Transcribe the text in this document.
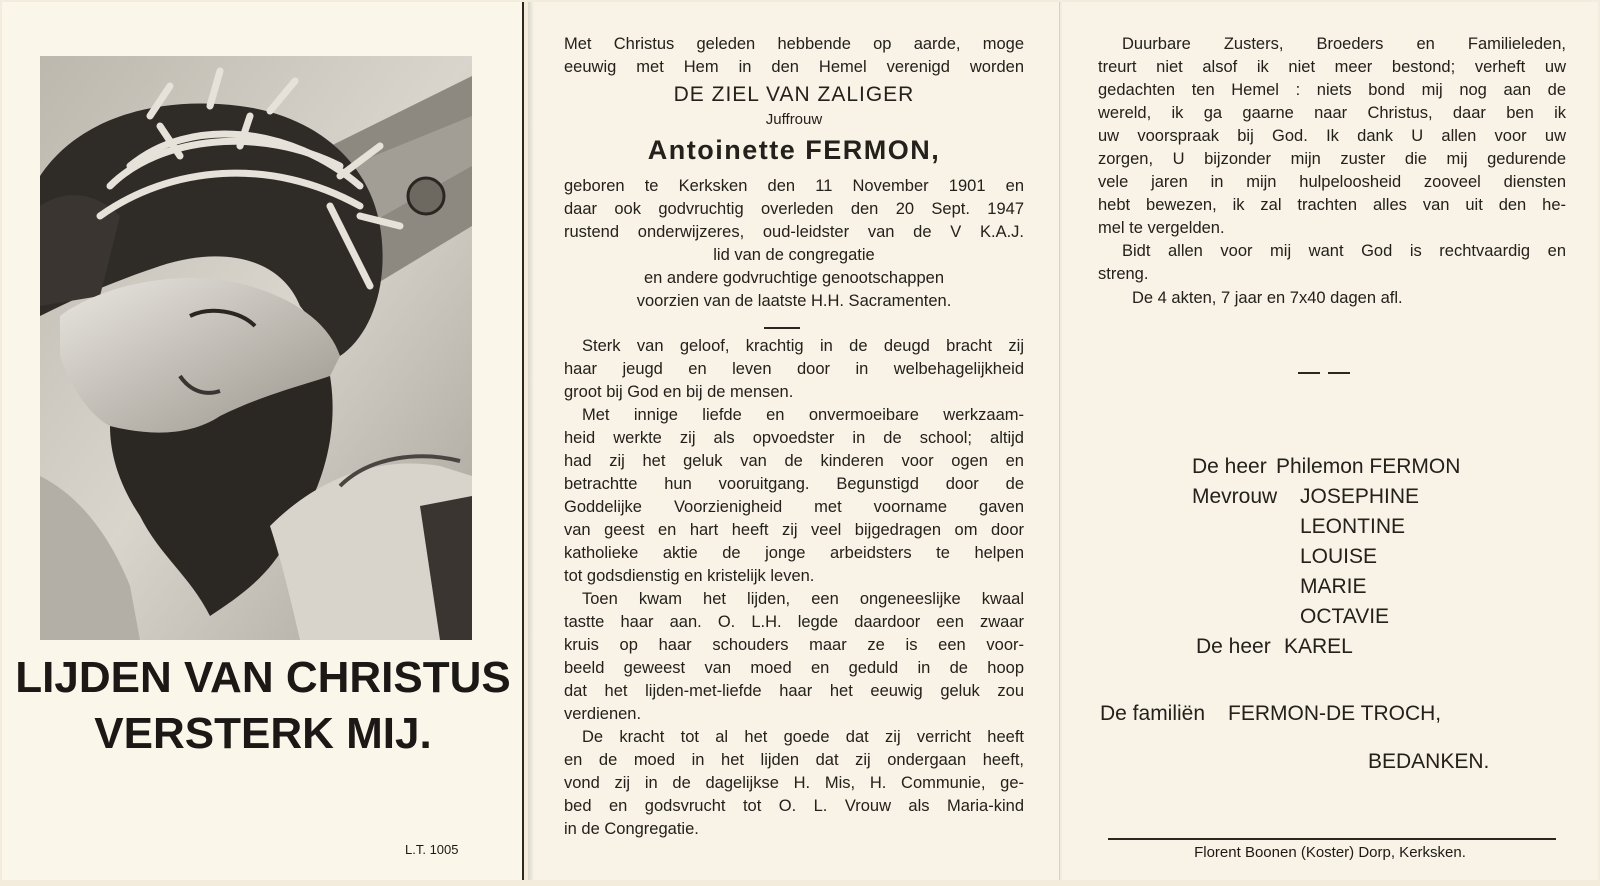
LIJDEN VAN CHRISTUS
VERSTERK MIJ.
L.T. 1005
Met Christus geleden hebbende op aarde, moge
eeuwig met Hem in den Hemel verenigd worden
DE ZIEL VAN ZALIGER
Juffrouw
Antoinette FERMON,
geboren te Kerksken den 11 November 1901 en
daar ook godvruchtig overleden den 20 Sept. 1947
rustend onderwijzeres, oud-leidster van de V K.A.J.
lid van de congregatie
en andere godvruchtige genootschappen
voorzien van de laatste H.H. Sacramenten.
Sterk van geloof, krachtig in de deugd bracht zij
haar jeugd en leven door in welbehagelijkheid
groot bij God en bij de mensen.
Met innige liefde en onvermoeibare werkzaam-
heid werkte zij als opvoedster in de school; altijd
had zij het geluk van de kinderen voor ogen en
betrachtte hun vooruitgang. Begunstigd door de
Goddelijke Voorzienigheid met voorname gaven
van geest en hart heeft zij veel bijgedragen om door
katholieke aktie de jonge arbeidsters te helpen
tot godsdienstig en kristelijk leven.
Toen kwam het lijden, een ongeneeslijke kwaal
tastte haar aan. O. L.H. legde daardoor een zwaar
kruis op haar schouders maar ze is een voor-
beeld geweest van moed en geduld in de hoop
dat het lijden-met-liefde haar het eeuwig geluk zou
verdienen.
De kracht tot al het goede dat zij verricht heeft
en de moed in het lijden dat zij ondergaan heeft,
vond zij in de dagelijkse H. Mis, H. Communie, ge-
bed en godsvrucht tot O. L. Vrouw als Maria-kind
in de Congregatie.
Duurbare Zusters, Broeders en Familieleden,
treurt niet alsof ik niet meer bestond; verheft uw
gedachten ten Hemel : niets bond mij nog aan de
wereld, ik ga gaarne naar Christus, daar ben ik
uw voorspraak bij God. Ik dank U allen voor uw
zorgen, U bijzonder mijn zuster die mij gedurende
vele jaren in mijn hulpeloosheid zooveel diensten
hebt bewezen, ik zal trachten alles van uit den he-
mel te vergelden.
Bidt allen voor mij want God is rechtvaardig en
streng.
De 4 akten, 7 jaar en 7x40 dagen afl.
De heer Philemon FERMON
Mevrouw JOSEPHINE
LEONTINE
LOUISE
MARIE
OCTAVIE
De heer KAREL
De familiën FERMON-DE TROCH,
BEDANKEN.
Florent Boonen (Koster) Dorp, Kerksken.
